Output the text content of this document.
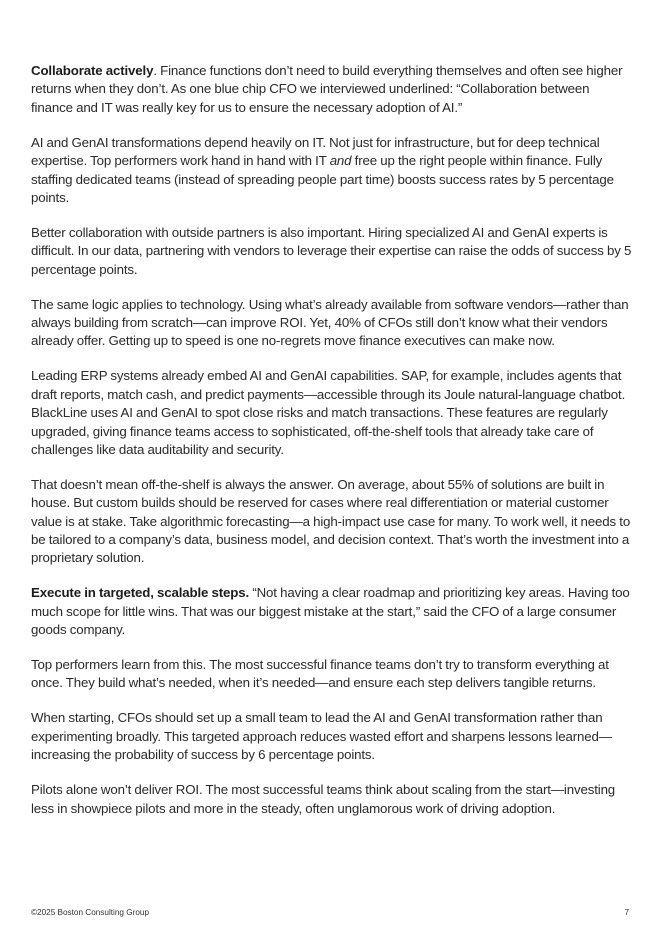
Collaborate actively. Finance functions don’t need to build everything themselves and often see higher returns when they don’t. As one blue chip CFO we interviewed underlined: “Collaboration between finance and IT was really key for us to ensure the necessary adoption of AI.”

AI and GenAI transformations depend heavily on IT. Not just for infrastructure, but for deep technical expertise. Top performers work hand in hand with IT and free up the right people within finance. Fully staffing dedicated teams (instead of spreading people part time) boosts success rates by 5 percentage points.

Better collaboration with outside partners is also important. Hiring specialized AI and GenAI experts is difficult. In our data, partnering with vendors to leverage their expertise can raise the odds of success by 5 percentage points.

The same logic applies to technology. Using what’s already available from software vendors—rather than always building from scratch—can improve ROI. Yet, 40% of CFOs still don’t know what their vendors already offer. Getting up to speed is one no-regrets move finance executives can make now.

Leading ERP systems already embed AI and GenAI capabilities. SAP, for example, includes agents that draft reports, match cash, and predict payments—accessible through its Joule natural-language chatbot. BlackLine uses AI and GenAI to spot close risks and match transactions. These features are regularly upgraded, giving finance teams access to sophisticated, off-the-shelf tools that already take care of challenges like data auditability and security.

That doesn’t mean off-the-shelf is always the answer. On average, about 55% of solutions are built in house. But custom builds should be reserved for cases where real differentiation or material customer value is at stake. Take algorithmic forecasting—a high-impact use case for many. To work well, it needs to be tailored to a company’s data, business model, and decision context. That’s worth the investment into a proprietary solution.

Execute in targeted, scalable steps. “Not having a clear roadmap and prioritizing key areas. Having too much scope for little wins. That was our biggest mistake at the start,” said the CFO of a large consumer goods company.

Top performers learn from this. The most successful finance teams don’t try to transform everything at once. They build what’s needed, when it’s needed—and ensure each step delivers tangible returns.

When starting, CFOs should set up a small team to lead the AI and GenAI transformation rather than experimenting broadly. This targeted approach reduces wasted effort and sharpens lessons learned—increasing the probability of success by 6 percentage points.

Pilots alone won’t deliver ROI. The most successful teams think about scaling from the start—investing less in showpiece pilots and more in the steady, often unglamorous work of driving adoption.

©2025 Boston Consulting Group	7
